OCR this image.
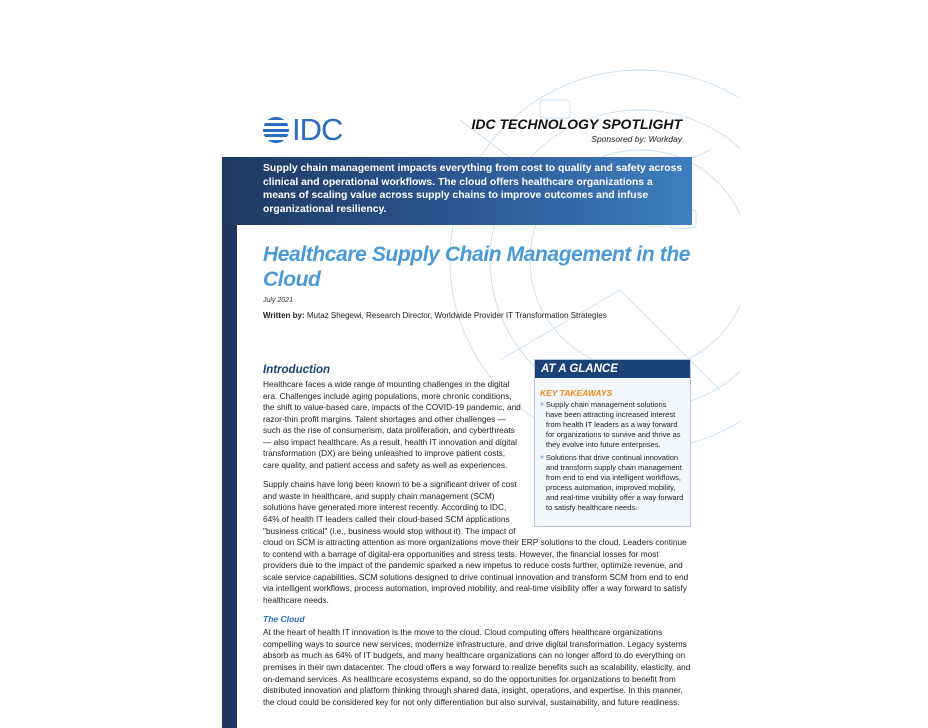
IDC	IDC TECHNOLOGY SPOTLIGHT
Sponsored by: Workday

Supply chain management impacts everything from cost to quality and safety across clinical and operational workflows. The cloud offers healthcare organizations a means of scaling value across supply chains to improve outcomes and infuse organizational resiliency.

Healthcare Supply Chain Management in the Cloud
July 2021
Written by: Mutaz Shegewi, Research Director, Worldwide Provider IT Transformation Strategies
AT A GLANCE
KEY TAKEAWAYS
» Supply chain management solutions have been attracting increased interest from health IT leaders as a way forward for organizations to survive and thrive as they evolve into future enterprises.
» Solutions that drive continual innovation and transform supply chain management from end to end via intelligent workflows, process automation, improved mobility, and real-time visibility offer a way forward to satisfy healthcare needs.
Introduction

Healthcare faces a wide range of mounting challenges in the digital era. Challenges include aging populations, more chronic conditions, the shift to value-based care, impacts of the COVID-19 pandemic, and razor-thin profit margins. Talent shortages and other challenges — such as the rise of consumerism, data proliferation, and cyberthreats — also impact healthcare. As a result, health IT innovation and digital transformation (DX) are being unleashed to improve patient costs, care quality, and patient access and safety as well as experiences.

Supply chains have long been known to be a significant driver of cost and waste in healthcare, and supply chain management (SCM) solutions have generated more interest recently. According to IDC, 64% of health IT leaders called their cloud-based SCM applications "business critical" (i.e., business would stop without it). The impact of cloud on SCM is attracting attention as more organizations move their ERP solutions to the cloud. Leaders continue to contend with a barrage of digital-era opportunities and stress tests. However, the financial losses for most providers due to the impact of the pandemic sparked a new impetus to reduce costs further, optimize revenue, and scale service capabilities. SCM solutions designed to drive continual innovation and transform SCM from end to end via intelligent workflows, process automation, improved mobility, and real-time visibility offer a way forward to satisfy healthcare needs.

The Cloud

At the heart of health IT innovation is the move to the cloud. Cloud computing offers healthcare organizations compelling ways to source new services, modernize infrastructure, and drive digital transformation. Legacy systems absorb as much as 64% of IT budgets, and many healthcare organizations can no longer afford to do everything on premises in their own datacenter. The cloud offers a way forward to realize benefits such as scalability, elasticity, and on-demand services. As healthcare ecosystems expand, so do the opportunities for organizations to benefit from distributed innovation and platform thinking through shared data, insight, operations, and expertise. In this manner, the cloud could be considered key for not only differentiation but also survival, sustainability, and future readiness.
